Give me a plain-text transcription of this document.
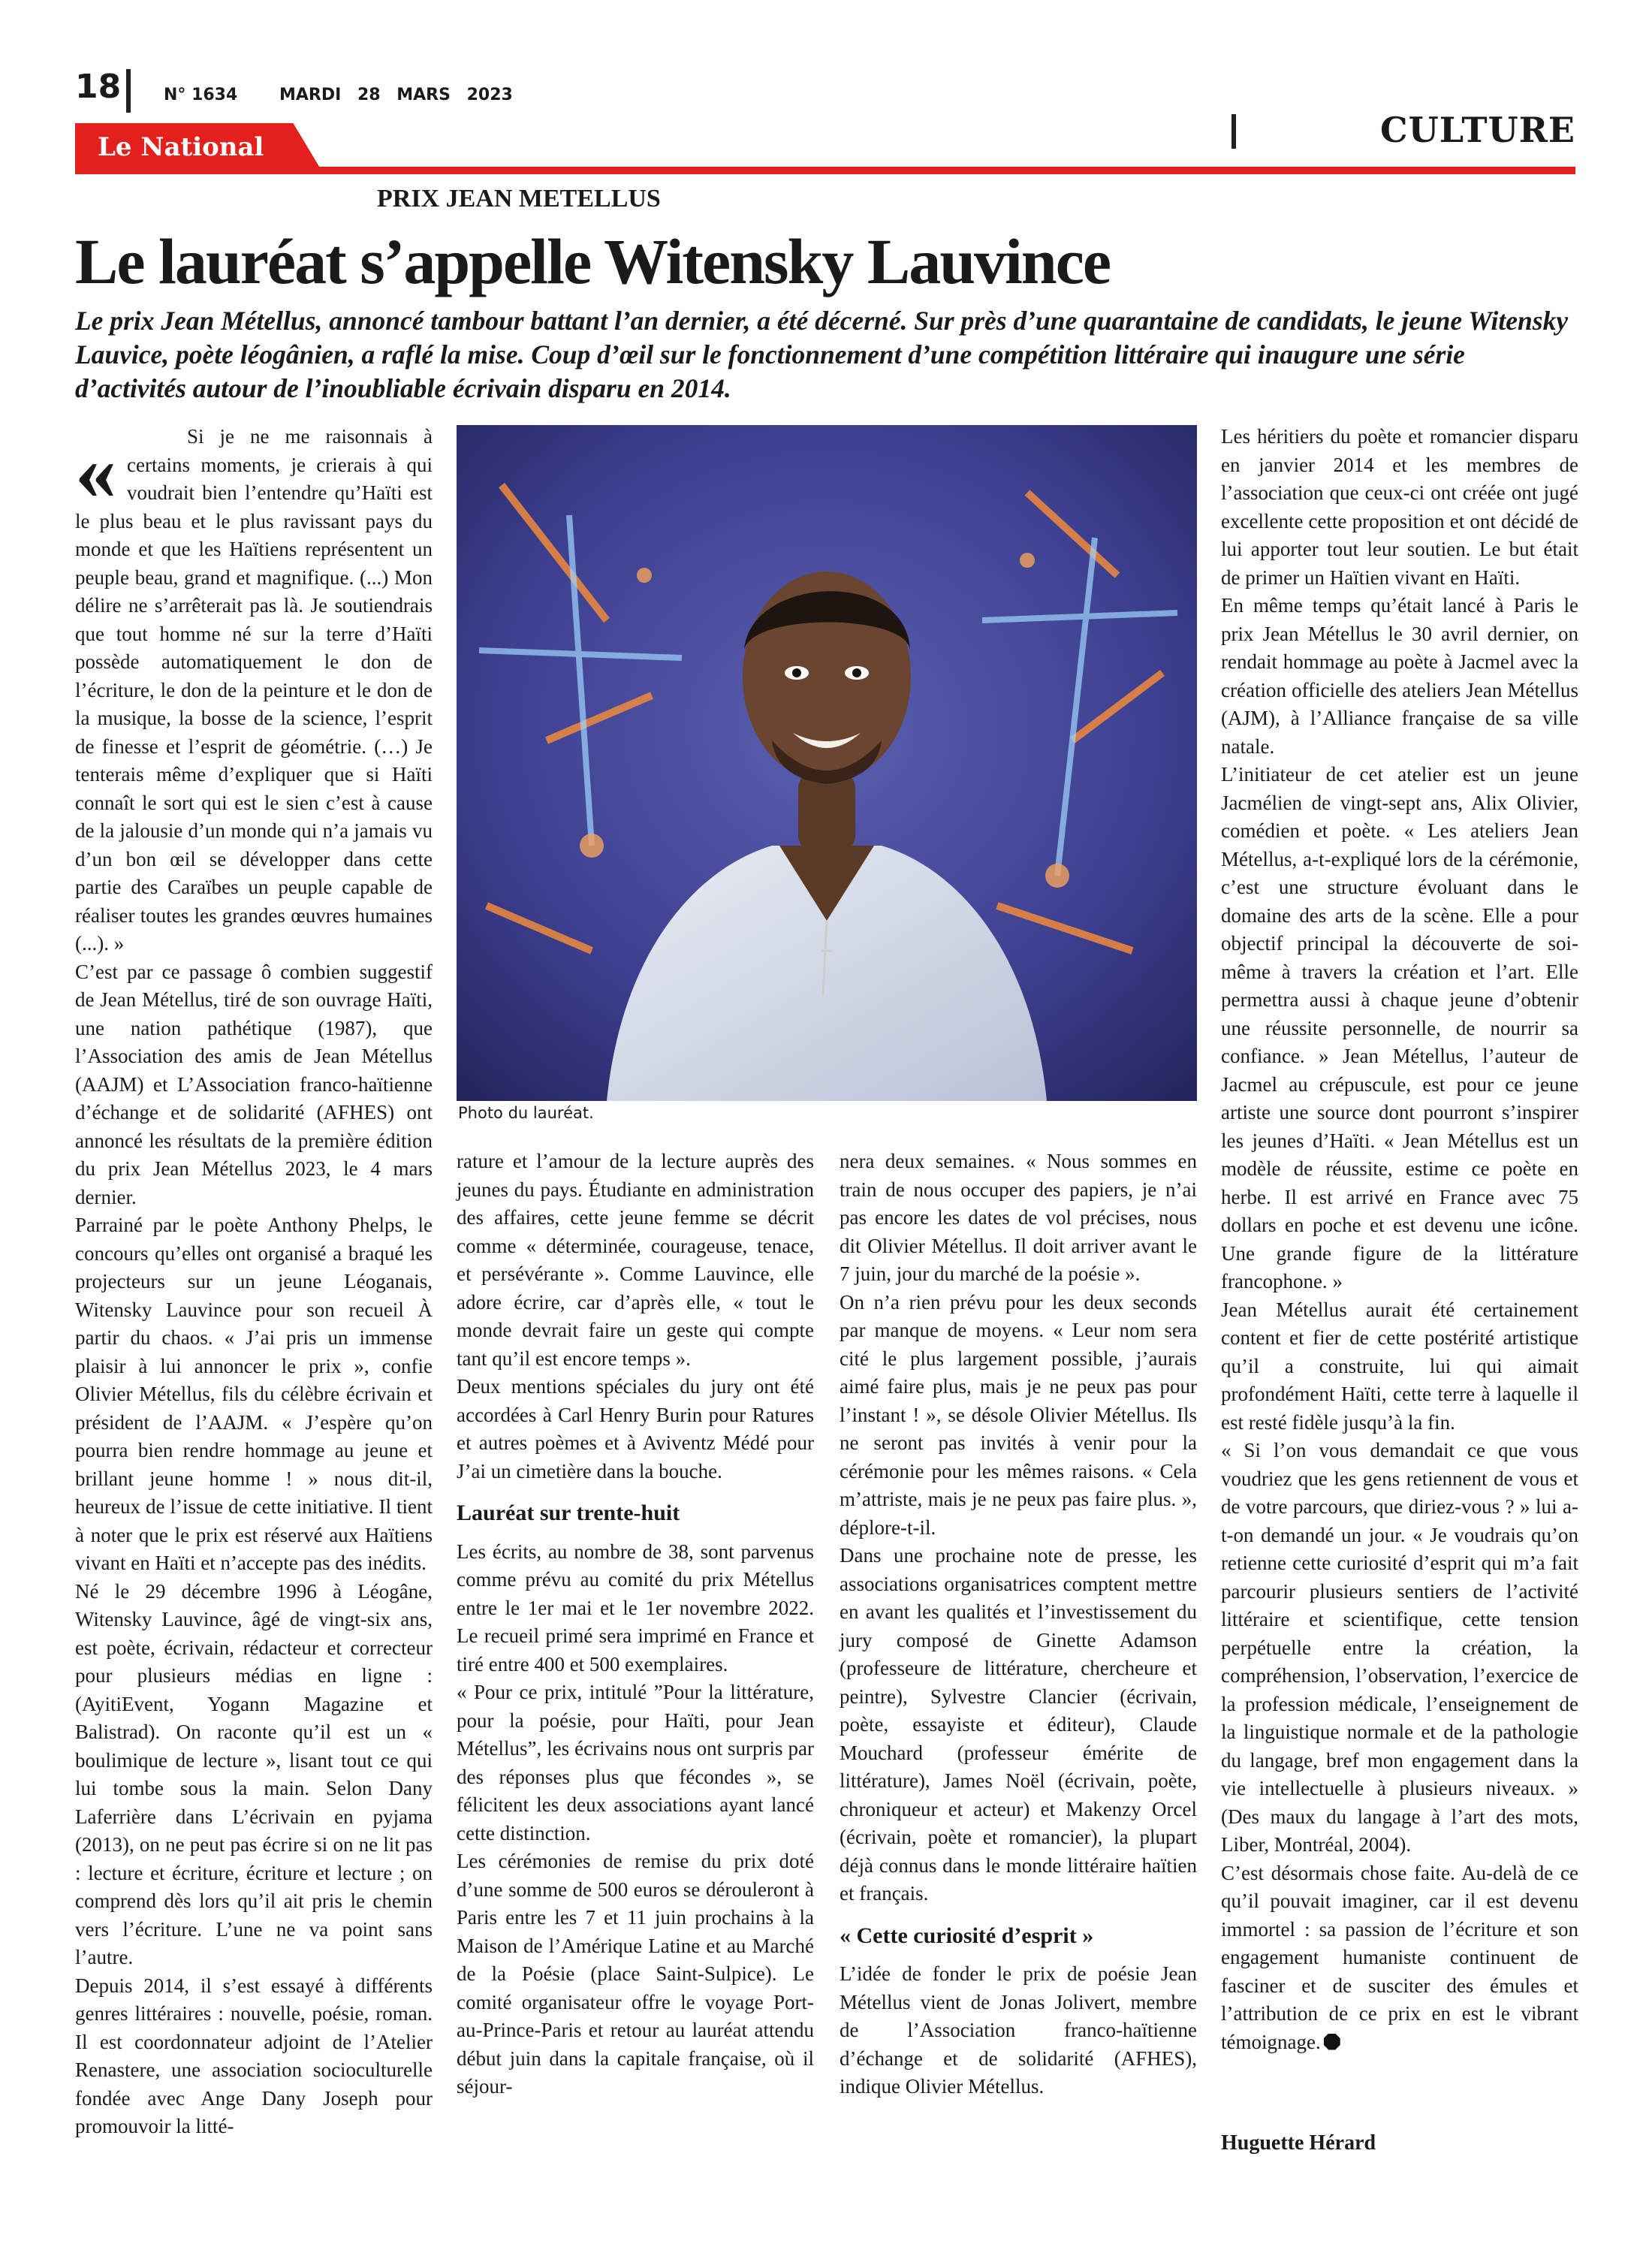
18	N° 1634	MARDI 28 MARS 2023
CULTURE
Le National
PRIX JEAN METELLUS
Le lauréat s’appelle Witensky Lauvince
Le prix Jean Métellus, annoncé tambour battant l’an dernier, a été décerné. Sur près d’une quarantaine de candidats, le jeune Witensky Lauvice, poète léogânien, a raflé la mise. Coup d’œil sur le fonctionnement d’une compétition littéraire qui inaugure une série d’activités autour de l’inoubliable écrivain disparu en 2014.
«	Si je ne me raisonnais à certains moments, je crierais à qui voudrait bien l’entendre qu’Haïti est le plus beau et le plus ravissant pays du monde et que les Haïtiens représentent un peuple beau, grand et magnifique. (...) Mon délire ne s’arrêterait pas là. Je soutiendrais que tout homme né sur la terre d’Haïti possède automatiquement le don de l’écriture, le don de la peinture et le don de la musique, la bosse de la science, l’esprit de finesse et l’esprit de géométrie. (…) Je tenterais même d’expliquer que si Haïti connaît le sort qui est le sien c’est à cause de la jalousie d’un monde qui n’a jamais vu d’un bon œil se développer dans cette partie des Caraïbes un peuple capable de réaliser toutes les grandes œuvres humaines (...). »

C’est par ce passage ô combien suggestif de Jean Métellus, tiré de son ouvrage Haïti, une nation pathétique (1987), que l’Association des amis de Jean Métellus (AAJM) et L’Association franco-haïtienne d’échange et de solidarité (AFHES) ont annoncé les résultats de la première édition du prix Jean Métellus 2023, le 4 mars dernier.

Parrainé par le poète Anthony Phelps, le concours qu’elles ont organisé a braqué les projecteurs sur un jeune Léoganais, Witensky Lauvince pour son recueil À partir du chaos. « J’ai pris un immense plaisir à lui annoncer le prix », confie Olivier Métellus, fils du célèbre écrivain et président de l’AAJM. « J’espère qu’on pourra bien rendre hommage au jeune et brillant jeune homme ! » nous dit-il, heureux de l’issue de cette initiative. Il tient à noter que le prix est réservé aux Haïtiens vivant en Haïti et n’accepte pas des inédits.

Né le 29 décembre 1996 à Léogâne, Witensky Lauvince, âgé de vingt-six ans, est poète, écrivain, rédacteur et correcteur pour plusieurs médias en ligne : (AyitiEvent, Yogann Magazine et Balistrad). On raconte qu’il est un « boulimique de lecture », lisant tout ce qui lui tombe sous la main. Selon Dany Laferrière dans L’écrivain en pyjama (2013), on ne peut pas écrire si on ne lit pas : lecture et écriture, écriture et lecture ; on comprend dès lors qu’il ait pris le chemin vers l’écriture. L’une ne va point sans l’autre.

Depuis 2014, il s’est essayé à différents genres littéraires : nouvelle, poésie, roman. Il est coordonnateur adjoint de l’Atelier Renastere, une association socioculturelle fondée avec Ange Dany Joseph pour promouvoir la litté-

Photo du lauréat.

rature et l’amour de la lecture auprès des jeunes du pays. Étudiante en administration des affaires, cette jeune femme se décrit comme « déterminée, courageuse, tenace, et persévérante ». Comme Lauvince, elle adore écrire, car d’après elle, « tout le monde devrait faire un geste qui compte tant qu’il est encore temps ».

Deux mentions spéciales du jury ont été accordées à Carl Henry Burin pour Ratures et autres poèmes et à Aviventz Médé pour J’ai un cimetière dans la bouche.

Lauréat sur trente-huit

Les écrits, au nombre de 38, sont parvenus comme prévu au comité du prix Métellus entre le 1er mai et le 1er novembre 2022. Le recueil primé sera imprimé en France et tiré entre 400 et 500 exemplaires.

« Pour ce prix, intitulé ”Pour la littérature, pour la poésie, pour Haïti, pour Jean Métellus”, les écrivains nous ont surpris par des réponses plus que fécondes », se félicitent les deux associations ayant lancé cette distinction.

Les cérémonies de remise du prix doté d’une somme de 500 euros se dérouleront à Paris entre les 7 et 11 juin prochains à la Maison de l’Amérique Latine et au Marché de la Poésie (place Saint-Sulpice). Le comité organisateur offre le voyage Port-au-Prince-Paris et retour au lauréat attendu début juin dans la capitale française, où il séjour-

nera deux semaines. « Nous sommes en train de nous occuper des papiers, je n’ai pas encore les dates de vol précises, nous dit Olivier Métellus. Il doit arriver avant le 7 juin, jour du marché de la poésie ».

On n’a rien prévu pour les deux seconds par manque de moyens. « Leur nom sera cité le plus largement possible, j’aurais aimé faire plus, mais je ne peux pas pour l’instant ! », se désole Olivier Métellus. Ils ne seront pas invités à venir pour la cérémonie pour les mêmes raisons. « Cela m’attriste, mais je ne peux pas faire plus. », déplore-t-il.

Dans une prochaine note de presse, les associations organisatrices comptent mettre en avant les qualités et l’investissement du jury composé de Ginette Adamson (professeure de littérature, chercheure et peintre), Sylvestre Clancier (écrivain, poète, essayiste et éditeur), Claude Mouchard (professeur émérite de littérature), James Noël (écrivain, poète, chroniqueur et acteur) et Makenzy Orcel (écrivain, poète et romancier), la plupart déjà connus dans le monde littéraire haïtien et français.

« Cette curiosité d’esprit »

L’idée de fonder le prix de poésie Jean Métellus vient de Jonas Jolivert, membre de l’Association franco-haïtienne d’échange et de solidarité (AFHES), indique Olivier Métellus.

Les héritiers du poète et romancier disparu en janvier 2014 et les membres de l’association que ceux-ci ont créée ont jugé excellente cette proposition et ont décidé de lui apporter tout leur soutien. Le but était de primer un Haïtien vivant en Haïti.

En même temps qu’était lancé à Paris le prix Jean Métellus le 30 avril dernier, on rendait hommage au poète à Jacmel avec la création officielle des ateliers Jean Métellus (AJM), à l’Alliance française de sa ville natale.

L’initiateur de cet atelier est un jeune Jacmélien de vingt-sept ans, Alix Olivier, comédien et poète. « Les ateliers Jean Métellus, a-t-expliqué lors de la cérémonie, c’est une structure évoluant dans le domaine des arts de la scène. Elle a pour objectif principal la découverte de soi-même à travers la création et l’art. Elle permettra aussi à chaque jeune d’obtenir une réussite personnelle, de nourrir sa confiance. » Jean Métellus, l’auteur de Jacmel au crépuscule, est pour ce jeune artiste une source dont pourront s’inspirer les jeunes d’Haïti. « Jean Métellus est un modèle de réussite, estime ce poète en herbe. Il est arrivé en France avec 75 dollars en poche et est devenu une icône. Une grande figure de la littérature francophone. »

Jean Métellus aurait été certainement content et fier de cette postérité artistique qu’il a construite, lui qui aimait profondément Haïti, cette terre à laquelle il est resté fidèle jusqu’à la fin.

« Si l’on vous demandait ce que vous voudriez que les gens retiennent de vous et de votre parcours, que diriez-vous ? » lui a-t-on demandé un jour. « Je voudrais qu’on retienne cette curiosité d’esprit qui m’a fait parcourir plusieurs sentiers de l’activité littéraire et scientifique, cette tension perpétuelle entre la création, la compréhension, l’observation, l’exercice de la profession médicale, l’enseignement de la linguistique normale et de la pathologie du langage, bref mon engagement dans la vie intellectuelle à plusieurs niveaux. » (Des maux du langage à l’art des mots, Liber, Montréal, 2004).

C’est désormais chose faite. Au-delà de ce qu’il pouvait imaginer, car il est devenu immortel : sa passion de l’écriture et son engagement humaniste continuent de fasciner et de susciter des émules et l’attribution de ce prix en est le vibrant témoignage.

Huguette Hérard
